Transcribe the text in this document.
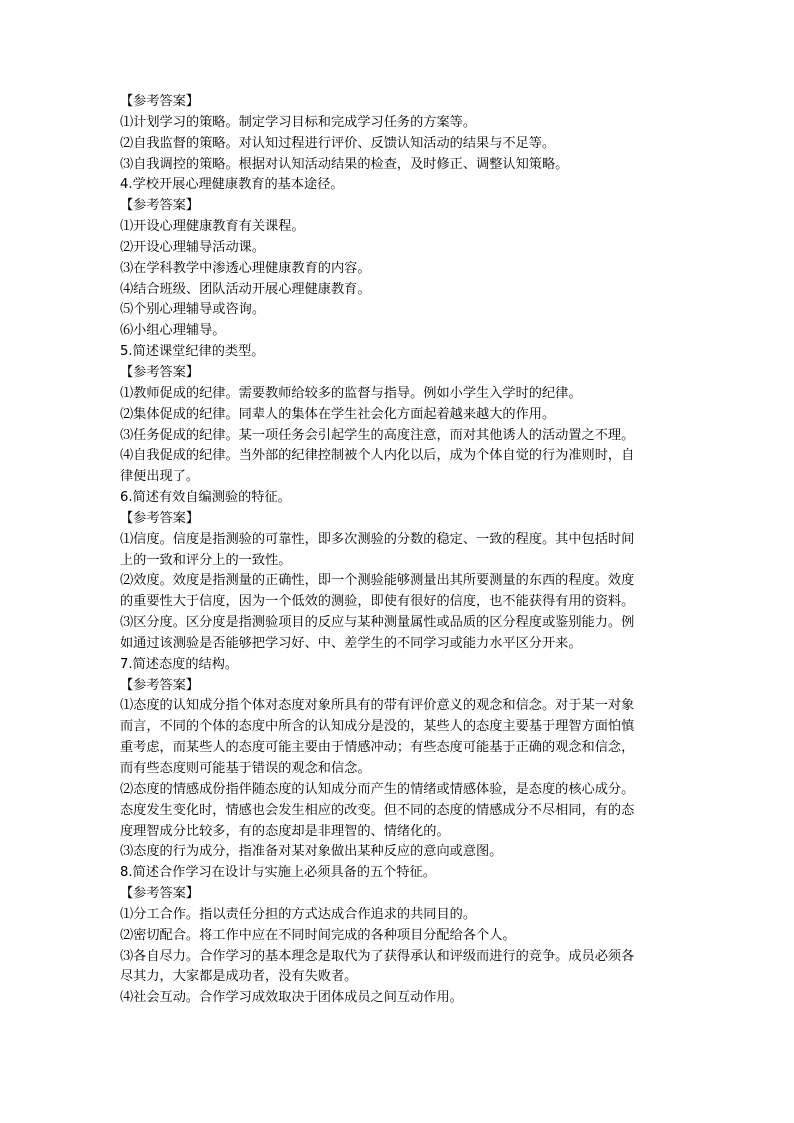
【参考答案】

⑴计划学习的策略。制定学习目标和完成学习任务的方案等。

⑵自我监督的策略。对认知过程进行评价、反馈认知活动的结果与不足等。

⑶自我调控的策略。根据对认知活动结果的检查，及时修正、调整认知策略。

4.学校开展心理健康教育的基本途径。

【参考答案】

⑴开设心理健康教育有关课程。

⑵开设心理辅导活动课。

⑶在学科教学中渗透心理健康教育的内容。

⑷结合班级、团队活动开展心理健康教育。

⑸个别心理辅导或咨询。

⑹小组心理辅导。

5.简述课堂纪律的类型。

【参考答案】

⑴教师促成的纪律。需要教师给较多的监督与指导。例如小学生入学时的纪律。

⑵集体促成的纪律。同辈人的集体在学生社会化方面起着越来越大的作用。

⑶任务促成的纪律。某一项任务会引起学生的高度注意，而对其他诱人的活动置之不理。

⑷自我促成的纪律。当外部的纪律控制被个人内化以后，成为个体自觉的行为准则时，自

律便出现了。

6.简述有效自编测验的特征。

【参考答案】

⑴信度。信度是指测验的可靠性，即多次测验的分数的稳定、一致的程度。其中包括时间

上的一致和评分上的一致性。

⑵效度。效度是指测量的正确性，即一个测验能够测量出其所要测量的东西的程度。效度

的重要性大于信度，因为一个低效的测验，即使有很好的信度，也不能获得有用的资料。

⑶区分度。区分度是指测验项目的反应与某种测量属性或品质的区分程度或鉴别能力。例

如通过该测验是否能够把学习好、中、差学生的不同学习或能力水平区分开来。

7.简述态度的结构。

【参考答案】

⑴态度的认知成分指个体对态度对象所具有的带有评价意义的观念和信念。对于某一对象

而言，不同的个体的态度中所含的认知成分是没的，某些人的态度主要基于理智方面怕慎

重考虑，而某些人的态度可能主要由于情感冲动；有些态度可能基于正确的观念和信念，

而有些态度则可能基于错误的观念和信念。

⑵态度的情感成份指伴随态度的认知成分而产生的情绪或情感体验，是态度的核心成分。

态度发生变化时，情感也会发生相应的改变。但不同的态度的情感成分不尽相同，有的态

度理智成分比较多，有的态度却是非理智的、情绪化的。

⑶态度的行为成分，指准备对某对象做出某种反应的意向或意图。

8.简述合作学习在设计与实施上必须具备的五个特征。

【参考答案】

⑴分工合作。指以责任分担的方式达成合作追求的共同目的。

⑵密切配合。将工作中应在不同时间完成的各种项目分配给各个人。

⑶各自尽力。合作学习的基本理念是取代为了获得承认和评级而进行的竞争。成员必须各

尽其力，大家都是成功者，没有失败者。

⑷社会互动。合作学习成效取决于团体成员之间互动作用。
